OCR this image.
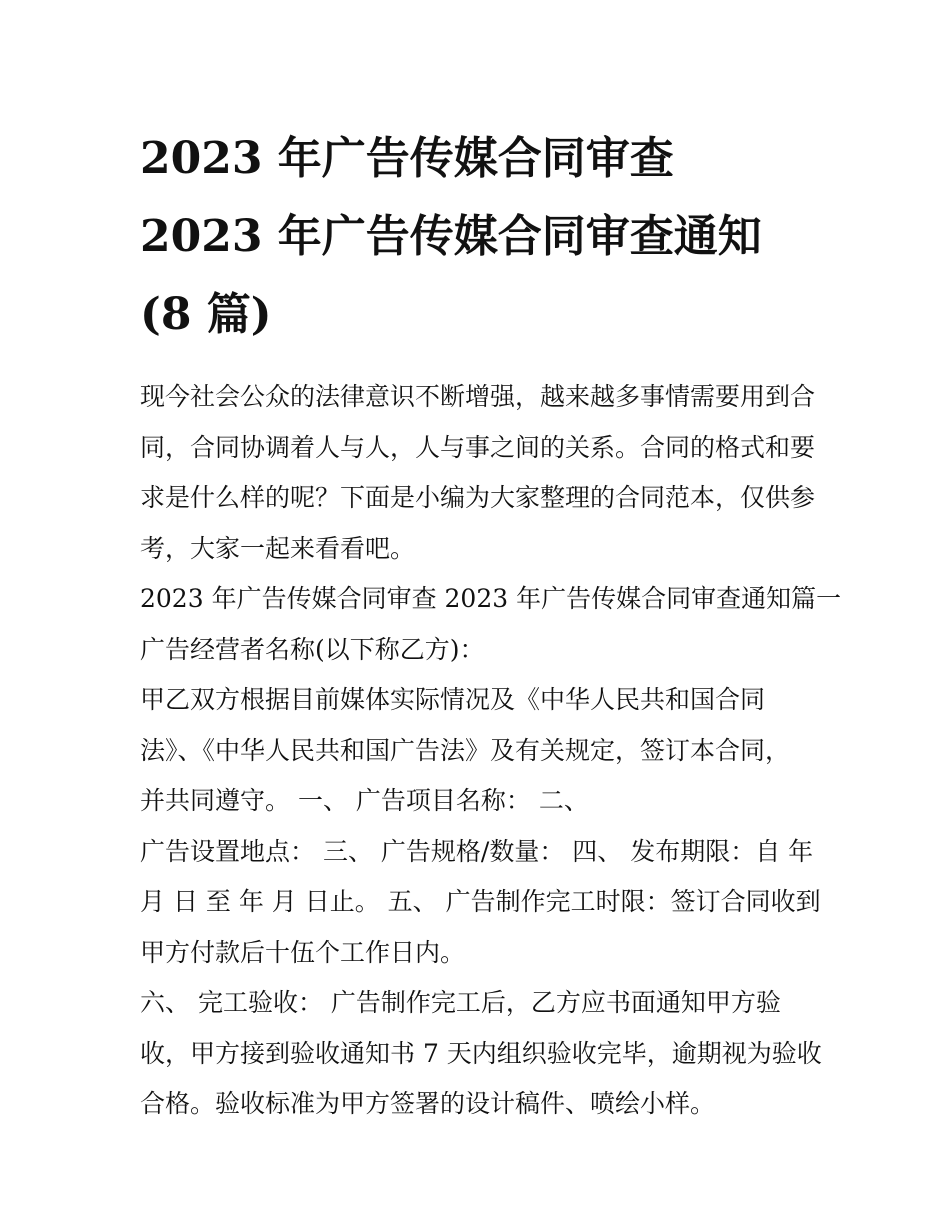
2023 年广告传媒合同审查
2023 年广告传媒合同审查通知
(8 篇)
现今社会公众的法律意识不断增强，越来越多事情需要用到合
同，合同协调着人与人，人与事之间的关系。合同的格式和要
求是什么样的呢？下面是小编为大家整理的合同范本，仅供参
考，大家一起来看看吧。
2023 年广告传媒合同审查 2023 年广告传媒合同审查通知篇一
广告经营者名称(以下称乙方)：
甲乙双方根据目前媒体实际情况及《中华人民共和国合同
法》、《中华人民共和国广告法》及有关规定，签订本合同，
并共同遵守。 一、 广告项目名称： 二、
广告设置地点： 三、 广告规格/数量： 四、 发布期限：自 年
月 日 至 年 月 日止。 五、 广告制作完工时限：签订合同收到
甲方付款后十伍个工作日内。
六、 完工验收： 广告制作完工后，乙方应书面通知甲方验
收，甲方接到验收通知书 7 天内组织验收完毕，逾期视为验收
合格。验收标准为甲方签署的设计稿件、喷绘小样。
